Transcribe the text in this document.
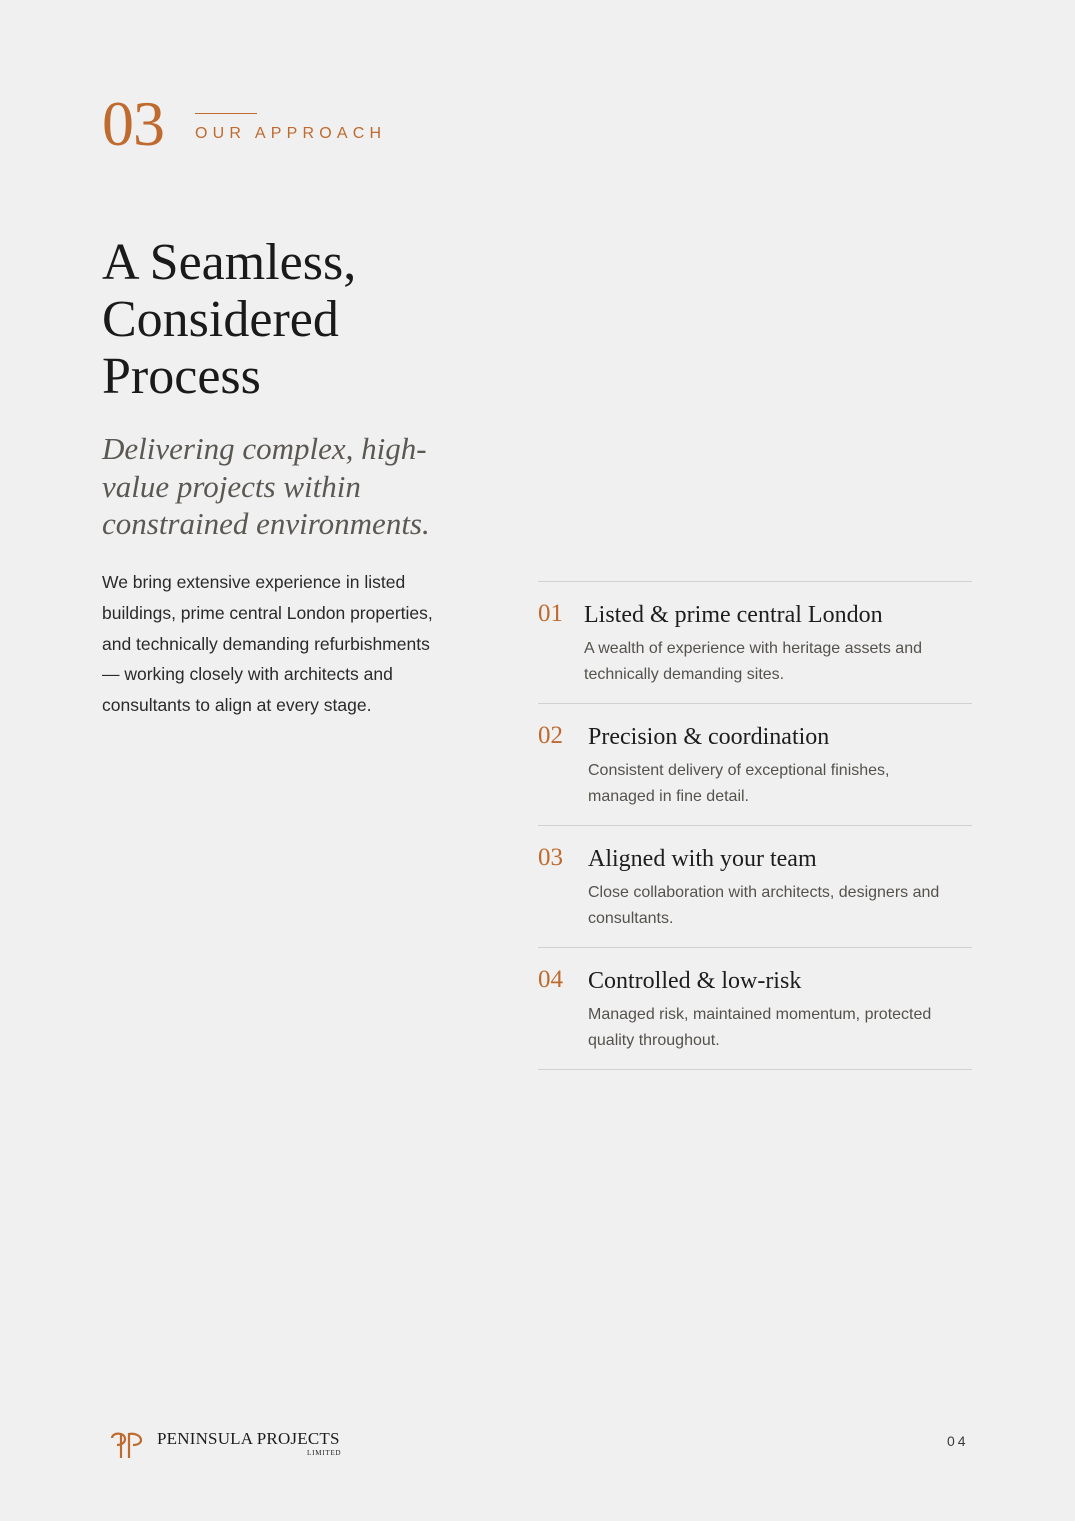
03 OUR APPROACH
A Seamless,
Considered
Process
Delivering complex, high-
value projects within
constrained environments.
We bring extensive experience in listed
buildings, prime central London properties,
and technically demanding refurbishments
— working closely with architects and
consultants to align at every stage.
01 Listed & prime central London
A wealth of experience with heritage assets and
technically demanding sites.
02 Precision & coordination
Consistent delivery of exceptional finishes,
managed in fine detail.
03 Aligned with your team
Close collaboration with architects, designers and
consultants.
04 Controlled & low-risk
Managed risk, maintained momentum, protected
quality throughout.
PENINSULA PROJECTS
LIMITED
04
